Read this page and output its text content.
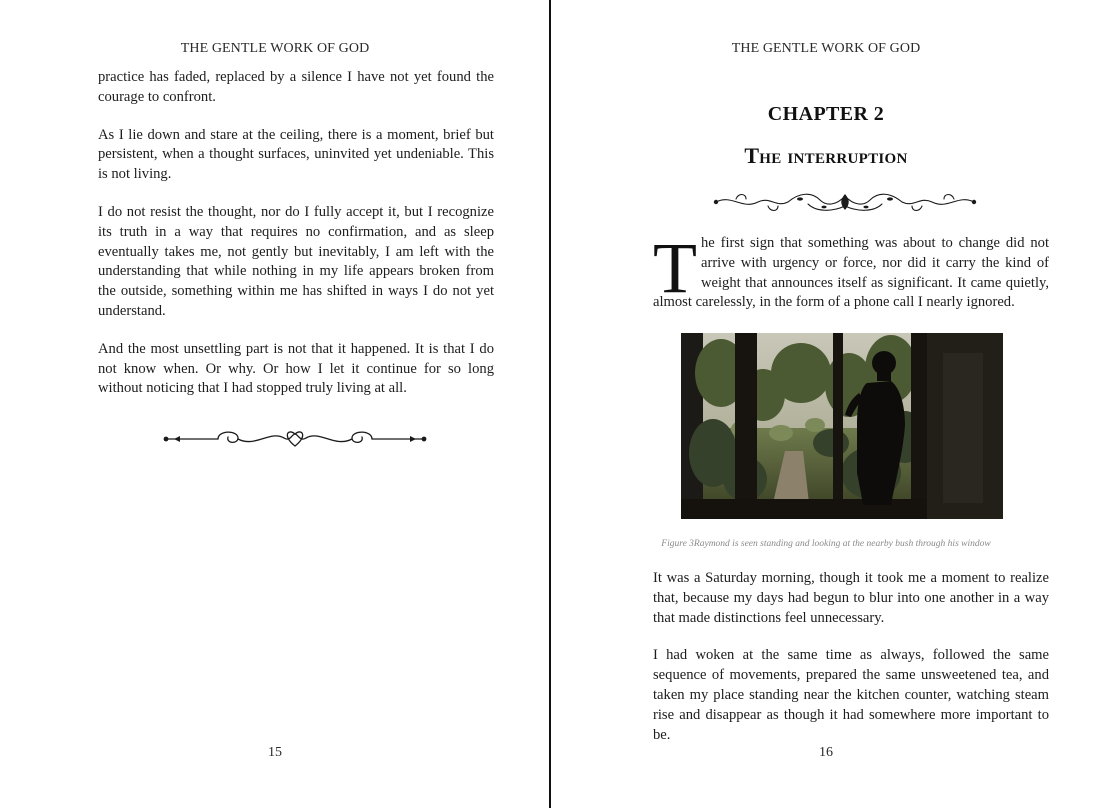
THE GENTLE WORK OF GOD

practice has faded, replaced by a silence I have not yet found the courage to confront.

As I lie down and stare at the ceiling, there is a moment, brief but persistent, when a thought surfaces, uninvited yet undeniable. This is not living.

I do not resist the thought, nor do I fully accept it, but I recognize its truth in a way that requires no confirmation, and as sleep eventually takes me, not gently but inevitably, I am left with the understanding that while nothing in my life appears broken from the outside, something within me has shifted in ways I do not yet understand.

And the most unsettling part is not that it happened. It is that I do not know when. Or why. Or how I let it continue for so long without noticing that I had stopped truly living at all.

15
THE GENTLE WORK OF GOD
CHAPTER 2
The interruption

The first sign that something was about to change did not arrive with urgency or force, nor did it carry the kind of weight that announces itself as significant. It came quietly, almost carelessly, in the form of a phone call I nearly ignored.

Figure 3Raymond is seen standing and looking at the nearby bush through his window

It was a Saturday morning, though it took me a moment to realize that, because my days had begun to blur into one another in a way that made distinctions feel unnecessary.

I had woken at the same time as always, followed the same sequence of movements, prepared the same unsweetened tea, and taken my place standing near the kitchen counter, watching steam rise and disappear as though it had somewhere more important to be.

16
